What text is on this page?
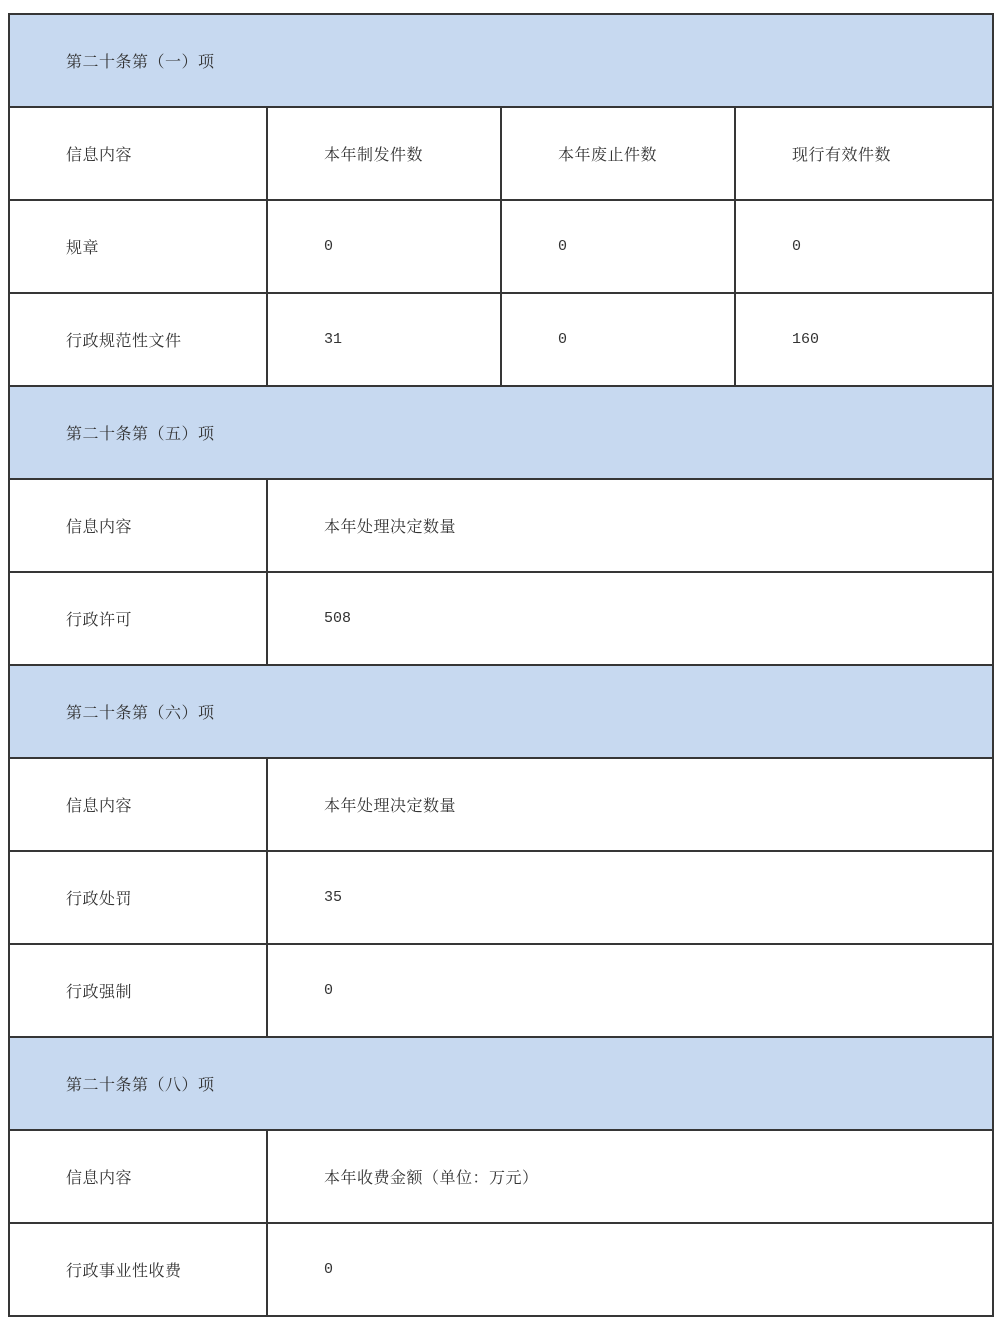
第二十条第（一）项			
信息内容	本年制发件数	本年废止件数	现行有效件数
规章	0	0	0
行政规范性文件	31	0	160
第二十条第（五）项			
信息内容	本年处理决定数量		
行政许可	508		
第二十条第（六）项			
信息内容	本年处理决定数量		
行政处罚	35		
行政强制	0		
第二十条第（八）项			
信息内容	本年收费金额（单位：万元）		
行政事业性收费	0		
